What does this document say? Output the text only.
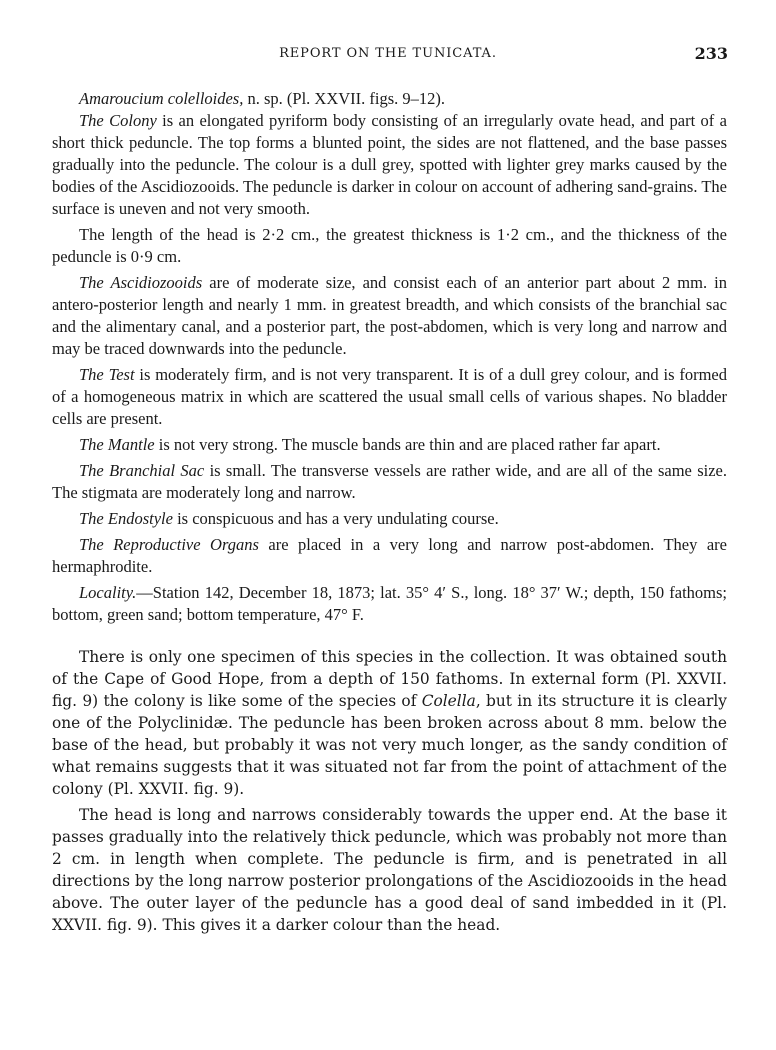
REPORT ON THE TUNICATA.	233

Amaroucium colelloides, n. sp. (Pl. XXVII. figs. 9–12).

The Colony is an elongated pyriform body consisting of an irregularly ovate head, and part of a short thick peduncle. The top forms a blunted point, the sides are not flattened, and the base passes gradually into the peduncle. The colour is a dull grey, spotted with lighter grey marks caused by the bodies of the Ascidiozooids. The peduncle is darker in colour on account of adhering sand-grains. The surface is uneven and not very smooth.

The length of the head is 2·2 cm., the greatest thickness is 1·2 cm., and the thickness of the peduncle is 0·9 cm.

The Ascidiozooids are of moderate size, and consist each of an anterior part about 2 mm. in antero-posterior length and nearly 1 mm. in greatest breadth, and which consists of the branchial sac and the alimentary canal, and a posterior part, the post-abdomen, which is very long and narrow and may be traced downwards into the peduncle.

The Test is moderately firm, and is not very transparent. It is of a dull grey colour, and is formed of a homogeneous matrix in which are scattered the usual small cells of various shapes. No bladder cells are present.

The Mantle is not very strong. The muscle bands are thin and are placed rather far apart.

The Branchial Sac is small. The transverse vessels are rather wide, and are all of the same size. The stigmata are moderately long and narrow.

The Endostyle is conspicuous and has a very undulating course.

The Reproductive Organs are placed in a very long and narrow post-abdomen. They are hermaphrodite.

Locality.—Station 142, December 18, 1873; lat. 35° 4′ S., long. 18° 37′ W.; depth, 150 fathoms; bottom, green sand; bottom temperature, 47° F.

There is only one specimen of this species in the collection. It was obtained south of the Cape of Good Hope, from a depth of 150 fathoms. In external form (Pl. XXVII. fig. 9) the colony is like some of the species of Colella, but in its structure it is clearly one of the Polyclinidæ. The peduncle has been broken across about 8 mm. below the base of the head, but probably it was not very much longer, as the sandy condition of what remains suggests that it was situated not far from the point of attachment of the colony (Pl. XXVII. fig. 9).

The head is long and narrows considerably towards the upper end. At the base it passes gradually into the relatively thick peduncle, which was probably not more than 2 cm. in length when complete. The peduncle is firm, and is penetrated in all directions by the long narrow posterior prolongations of the Ascidiozooids in the head above. The outer layer of the peduncle has a good deal of sand imbedded in it (Pl. XXVII. fig. 9). This gives it a darker colour than the head.
